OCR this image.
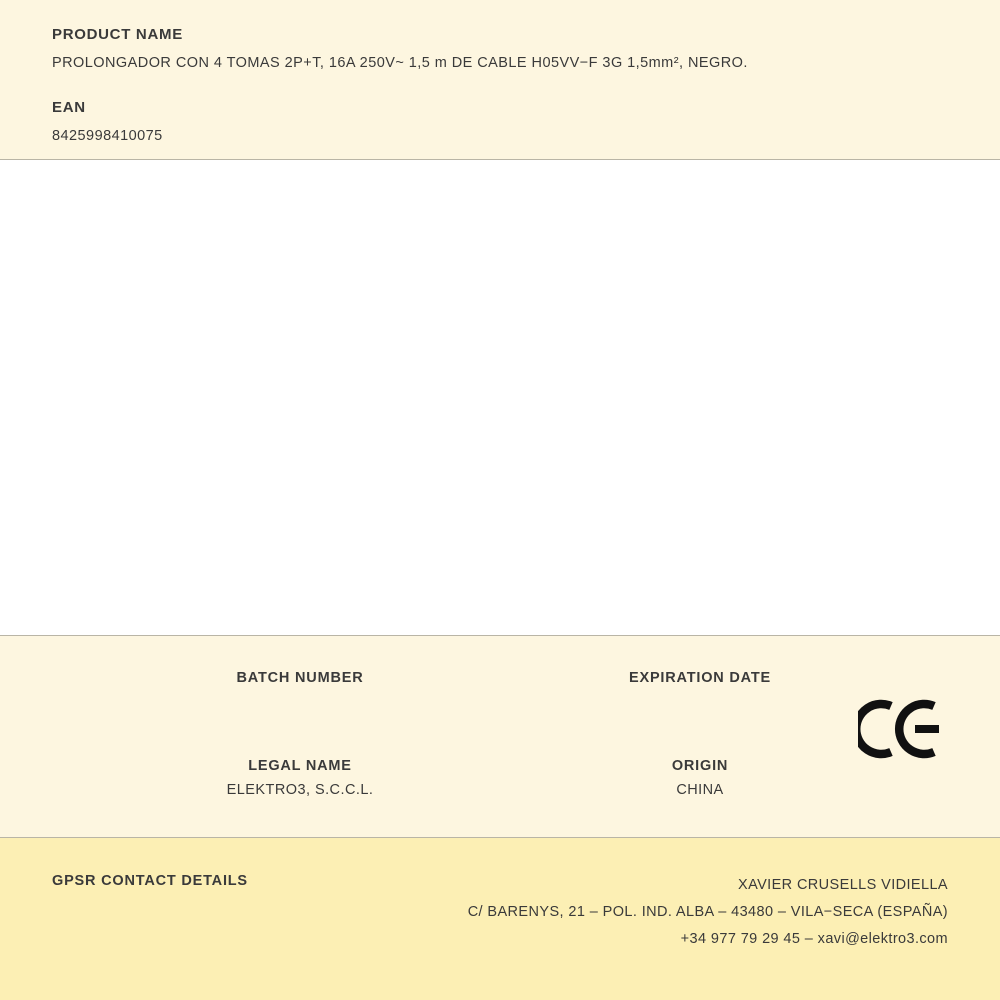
PRODUCT NAME
PROLONGADOR CON 4 TOMAS 2P+T, 16A 250V~ 1,5 m DE CABLE H05VV−F 3G 1,5mm², NEGRO.
EAN
8425998410075
BATCH NUMBER	EXPIRATION DATE
LEGAL NAME
ELEKTRO3, S.C.C.L.
ORIGIN
CHINA
GPSR CONTACT DETAILS	XAVIER CRUSELLS VIDIELLA
C/ BARENYS, 21 – POL. IND. ALBA – 43480 – VILA−SECA (ESPAÑA)
+34 977 79 29 45 – xavi@elektro3.com
